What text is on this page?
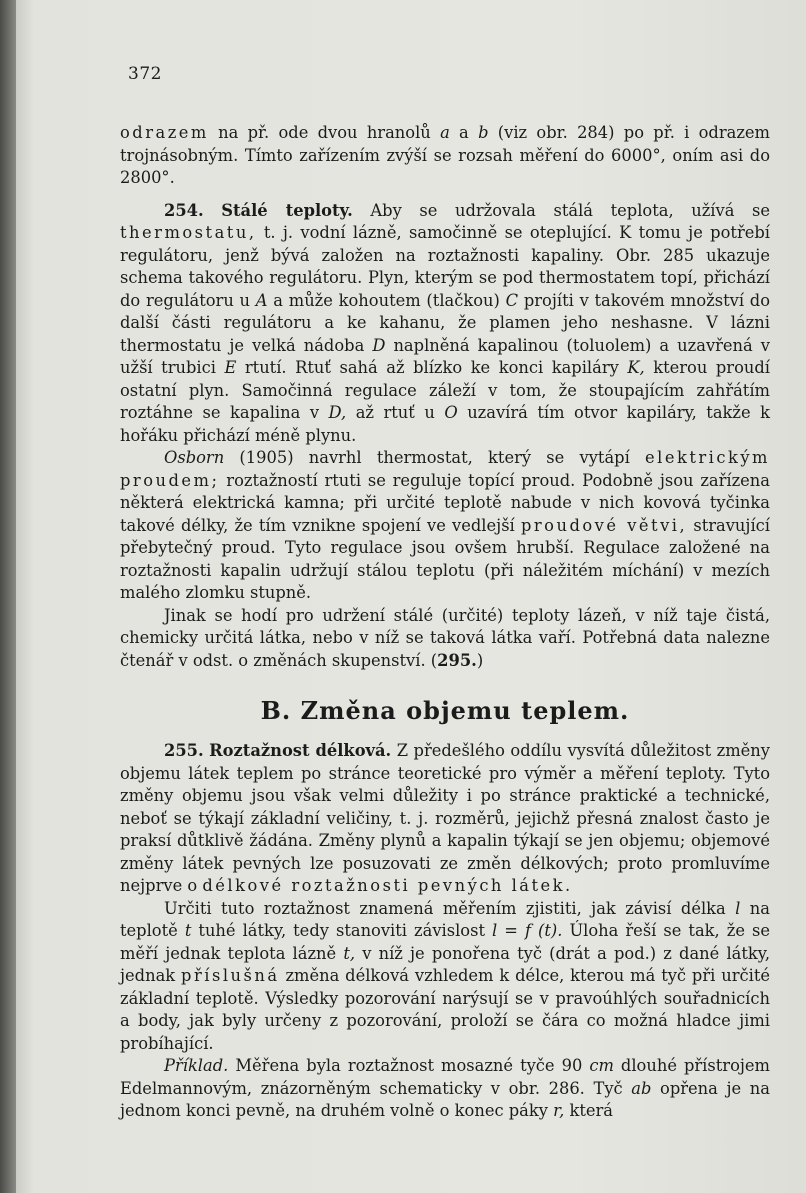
372

odrazem na př. ode dvou hranolů a a b (viz obr. 284) po př. i odrazem trojnásobným. Tímto zařízením zvýší se rozsah měření do 6000°, oním asi do 2800°.

254. Stálé teploty. Aby se udržovala stálá teplota, užívá se thermostatu, t. j. vodní lázně, samočinně se oteplující. K tomu je potřebí regulátoru, jenž bývá založen na roztažnosti kapaliny. Obr. 285 ukazuje schema takového regulátoru. Plyn, kterým se pod thermostatem topí, přichází do regulátoru u A a může kohoutem (tlačkou) C projíti v takovém množství do další části regulátoru a ke kahanu, že plamen jeho neshasne. V lázni thermostatu je velká nádoba D naplněná kapalinou (toluolem) a uzavřená v užší trubici E rtutí. Rtuť sahá až blízko ke konci kapiláry K, kterou proudí ostatní plyn. Samočinná regulace záleží v tom, že stoupajícím zahřátím roztáhne se kapalina v D, až rtuť u O uzavírá tím otvor kapiláry, takže k hořáku přichází méně plynu.

Osborn (1905) navrhl thermostat, který se vytápí elektrickým proudem; roztažností rtuti se reguluje topící proud. Podobně jsou zařízena některá elektrická kamna; při určité teplotě nabude v nich kovová tyčinka takové délky, že tím vznikne spojení ve vedlejší proudové větvi, stravující přebytečný proud. Tyto regulace jsou ovšem hrubší. Regulace založené na roztažnosti kapalin udržují stálou teplotu (při náležitém míchání) v mezích malého zlomku stupně.

Jinak se hodí pro udržení stálé (určité) teploty lázeň, v níž taje čistá, chemicky určitá látka, nebo v níž se taková látka vaří. Potřebná data nalezne čtenář v odst. o změnách skupenství. (295.)

B. Změna objemu teplem.

255. Roztažnost délková. Z předešlého oddílu vysvítá důležitost změny objemu látek teplem po stránce teoretické pro výměr a měření teploty. Tyto změny objemu jsou však velmi důležity i po stránce praktické a technické, neboť se týkají základní veličiny, t. j. rozměrů, jejichž přesná znalost často je praksí důtklivě žádána. Změny plynů a kapalin týkají se jen objemu; objemové změny látek pevných lze posuzovati ze změn délkových; proto promluvíme nejprve o délkové roztažnosti pevných látek.

Určiti tuto roztažnost znamená měřením zjistiti, jak závisí délka l na teplotě t tuhé látky, tedy stanoviti závislost l = f (t). Úloha řeší se tak, že se měří jednak teplota lázně t, v níž je ponořena tyč (drát a pod.) z dané látky, jednak příslušná změna délková vzhledem k délce, kterou má tyč při určité základní teplotě. Výsledky pozorování narýsují se v pravoúhlých souřadnicích a body, jak byly určeny z pozorování, proloží se čára co možná hladce jimi probíhající.

Příklad. Měřena byla roztažnost mosazné tyče 90 cm dlouhé přístrojem Edelmannovým, znázorněným schematicky v obr. 286. Tyč ab opřena je na jednom konci pevně, na druhém volně o konec páky r, která
